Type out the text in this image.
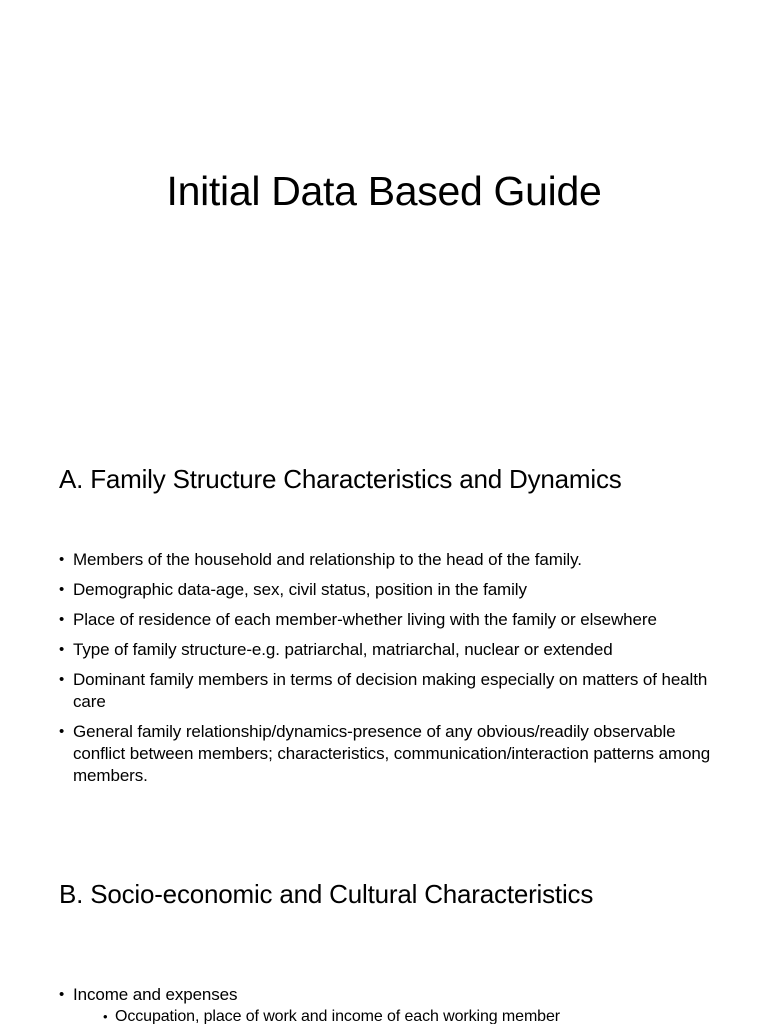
Initial Data Based Guide
A. Family Structure Characteristics and Dynamics
• Members of the household and relationship to the head of the family.
• Demographic data-age, sex, civil status, position in the family
• Place of residence of each member-whether living with the family or elsewhere
• Type of family structure-e.g. patriarchal, matriarchal, nuclear or extended
• Dominant family members in terms of decision making especially on matters of health care
• General family relationship/dynamics-presence of any obvious/readily observable conflict between members; characteristics, communication/interaction patterns among members.
B. Socio-economic and Cultural Characteristics
• Income and expenses
• Occupation, place of work and income of each working member
